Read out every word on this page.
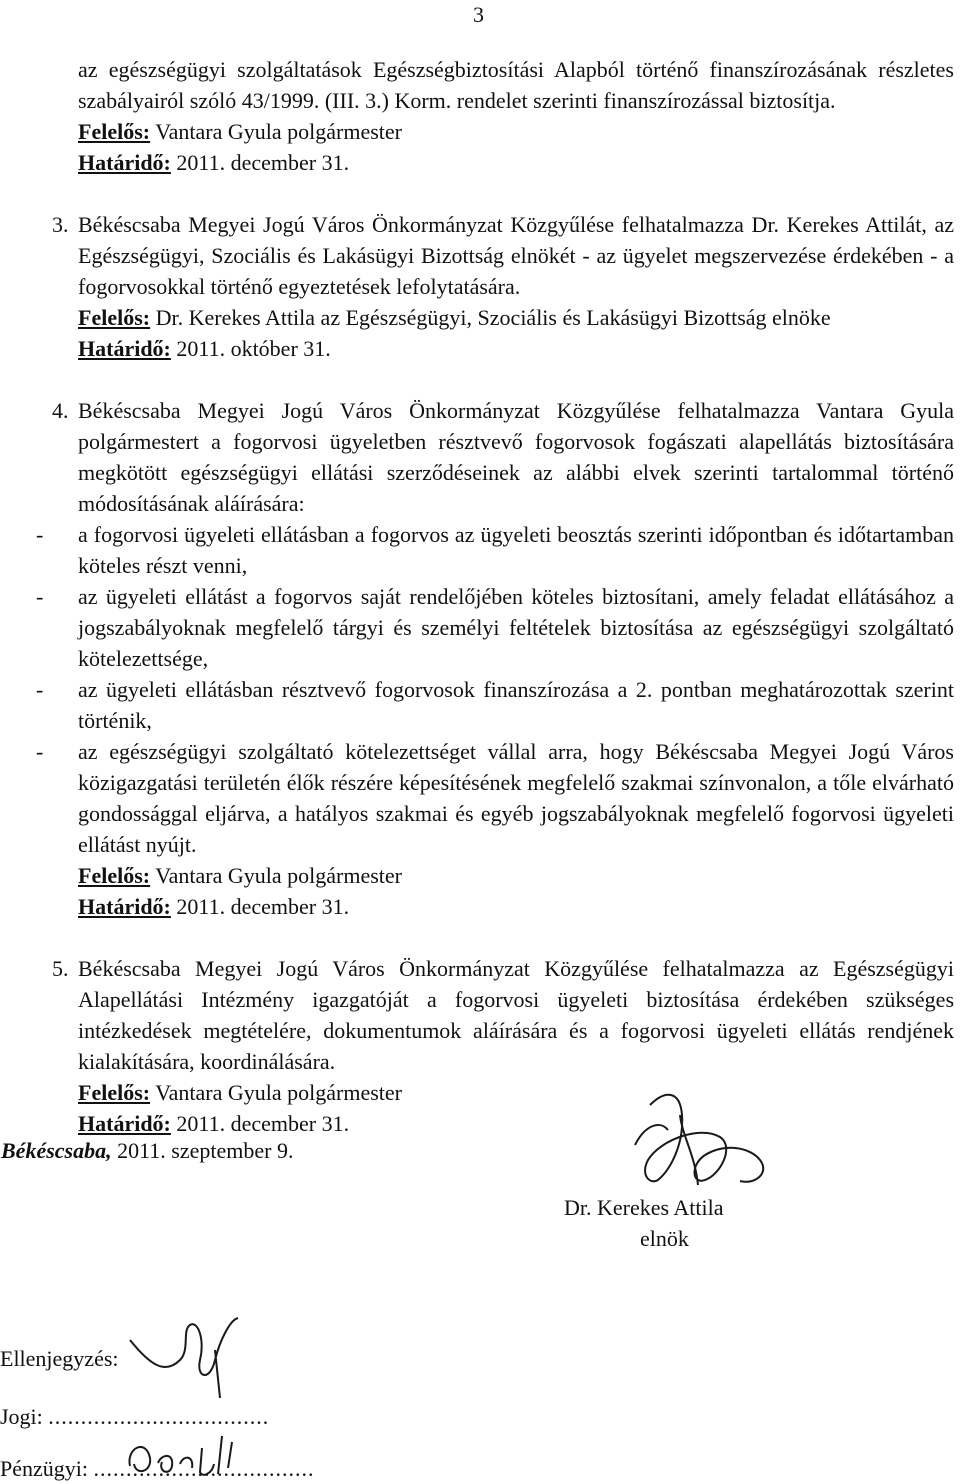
3
az egészségügyi szolgáltatások Egészségbiztosítási Alapból történő finanszírozásának részletes szabályairól szóló 43/1999. (III. 3.) Korm. rendelet szerinti finanszírozással biztosítja.
Felelős: Vantara Gyula polgármester
Határidő: 2011. december 31.
3. Békéscsaba Megyei Jogú Város Önkormányzat Közgyűlése felhatalmazza Dr. Kerekes Attilát, az Egészségügyi, Szociális és Lakásügyi Bizottság elnökét - az ügyelet megszervezése érdekében - a fogorvosokkal történő egyeztetések lefolytatására.
Felelős: Dr. Kerekes Attila az Egészségügyi, Szociális és Lakásügyi Bizottság elnöke
Határidő: 2011. október 31.
4. Békéscsaba Megyei Jogú Város Önkormányzat Közgyűlése felhatalmazza Vantara Gyula polgármestert a fogorvosi ügyeletben résztvevő fogorvosok fogászati alapellátás biztosítására megkötött egészségügyi ellátási szerződéseinek az alábbi elvek szerinti tartalommal történő módosításának aláírására:
- a fogorvosi ügyeleti ellátásban a fogorvos az ügyeleti beosztás szerinti időpontban és időtartamban köteles részt venni,
- az ügyeleti ellátást a fogorvos saját rendelőjében köteles biztosítani, amely feladat ellátásához a jogszabályoknak megfelelő tárgyi és személyi feltételek biztosítása az egészségügyi szolgáltató kötelezettsége,
- az ügyeleti ellátásban résztvevő fogorvosok finanszírozása a 2. pontban meghatározottak szerint történik,
- az egészségügyi szolgáltató kötelezettséget vállal arra, hogy Békéscsaba Megyei Jogú Város közigazgatási területén élők részére képesítésének megfelelő szakmai színvonalon, a tőle elvárható gondossággal eljárva, a hatályos szakmai és egyéb jogszabályoknak megfelelő fogorvosi ügyeleti ellátást nyújt.
Felelős: Vantara Gyula polgármester
Határidő: 2011. december 31.
5. Békéscsaba Megyei Jogú Város Önkormányzat Közgyűlése felhatalmazza az Egészségügyi Alapellátási Intézmény igazgatóját a fogorvosi ügyeleti biztosítása érdekében szükséges intézkedések megtételére, dokumentumok aláírására és a fogorvosi ügyeleti ellátás rendjének kialakítására, koordinálására.
Felelős: Vantara Gyula polgármester
Határidő: 2011. december 31.
Békéscsaba, 2011. szeptember 9.
Dr. Kerekes Attila
elnök
Ellenjegyzés:
Jogi: ..................................
Pénzügyi: ..................................
